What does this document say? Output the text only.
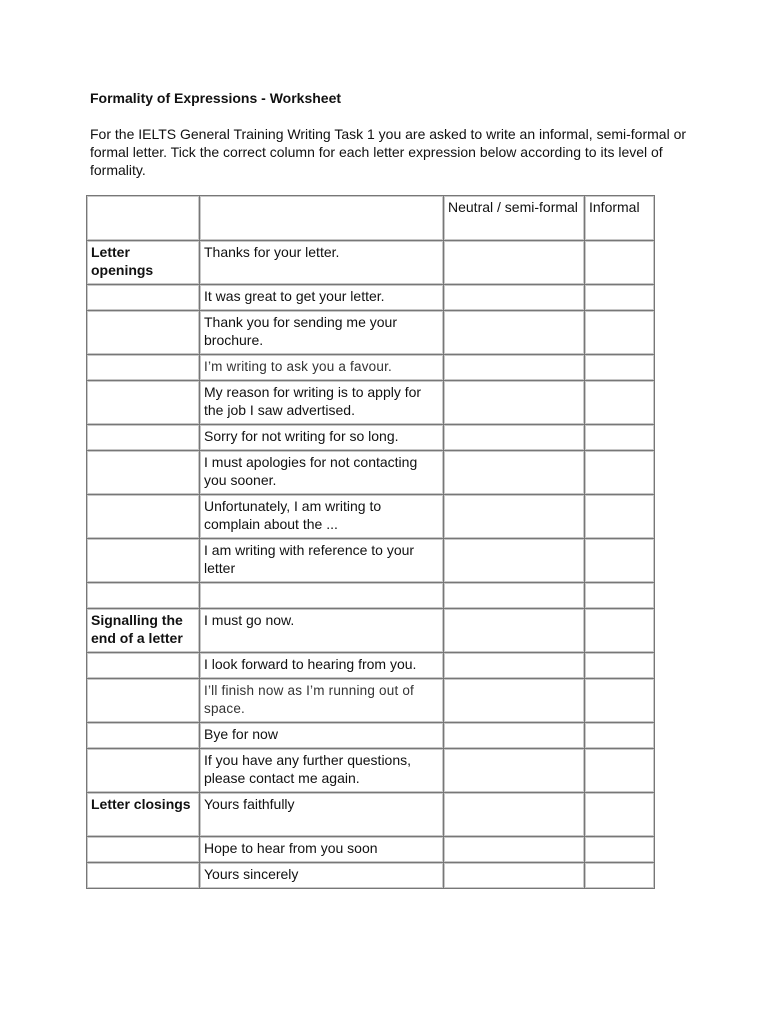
Formality of Expressions - Worksheet

For the IELTS General Training Writing Task 1 you are asked to write an informal, semi-formal or formal letter. Tick the correct column for each letter expression below according to its level of formality.

		Neutral / semi-formal	Informal
Letter openings	Thanks for your letter.		
	It was great to get your letter.		
	Thank you for sending me your brochure.		
	I’m writing to ask you a favour.		
	My reason for writing is to apply for the job I saw advertised.		
	Sorry for not writing for so long.		
	I must apologies for not contacting you sooner.		
	Unfortunately, I am writing to complain about the ...		
	I am writing with reference to your letter		

Signalling the end of a letter	I must go now.		
	I look forward to hearing from you.		
	I’ll finish now as I’m running out of space.		
	Bye for now		
	If you have any further questions, please contact me again.		
Letter closings	Yours faithfully		
	Hope to hear from you soon		
	Yours sincerely		
